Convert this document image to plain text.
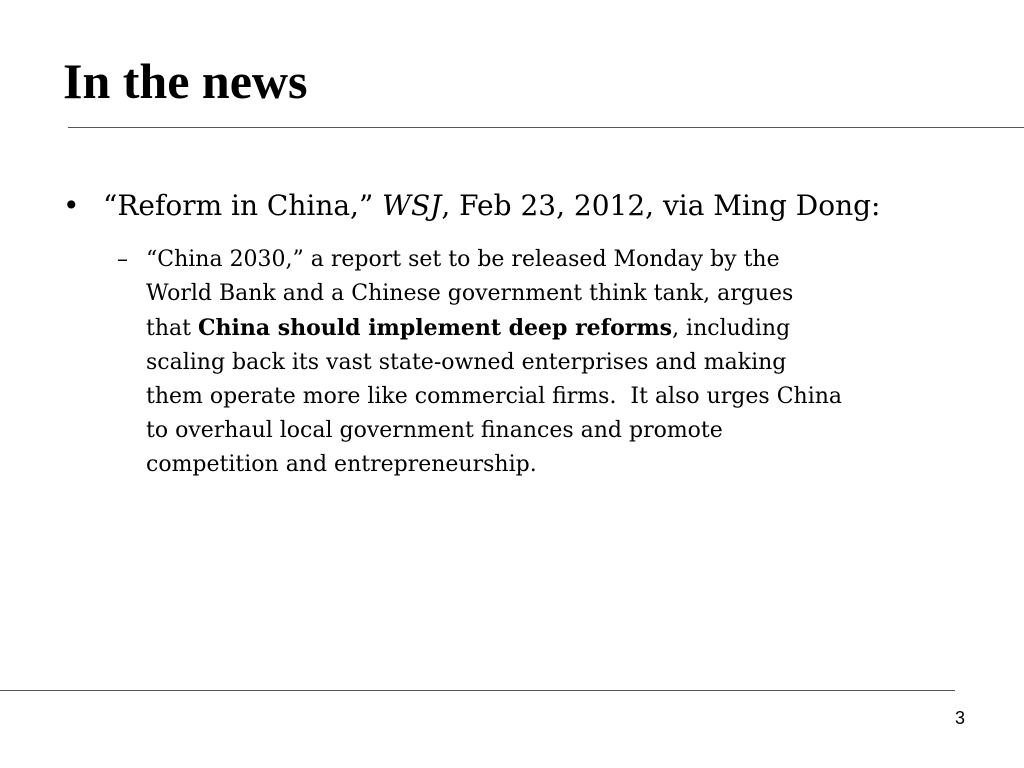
In the news
• “Reform in China,” WSJ, Feb 23, 2012, via Ming Dong:
– “China 2030,” a report set to be released Monday by the
World Bank and a Chinese government think tank, argues
that China should implement deep reforms, including
scaling back its vast state-owned enterprises and making
them operate more like commercial firms.  It also urges China
to overhaul local government finances and promote
competition and entrepreneurship.
3
